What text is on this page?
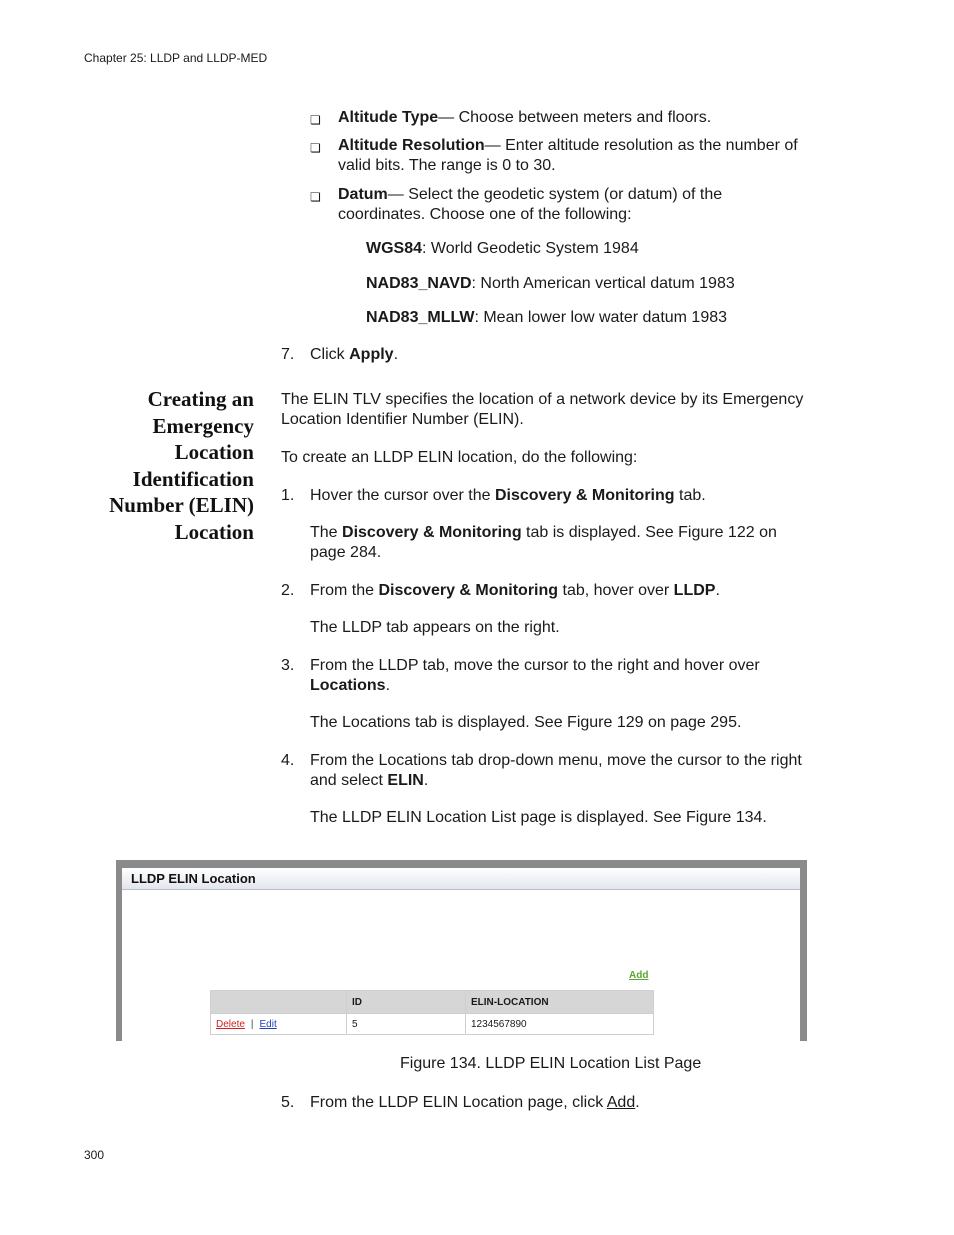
Chapter 25: LLDP and LLDP-MED
❏ Altitude Type— Choose between meters and floors.
❏ Altitude Resolution— Enter altitude resolution as the number of
valid bits. The range is 0 to 30.
❏ Datum— Select the geodetic system (or datum) of the
coordinates. Choose one of the following:
WGS84: World Geodetic System 1984
NAD83_NAVD: North American vertical datum 1983
NAD83_MLLW: Mean lower low water datum 1983
7. Click Apply.
Creating an
Emergency
Location
Identification
Number (ELIN)
Location
The ELIN TLV specifies the location of a network device by its Emergency
Location Identifier Number (ELIN).
To create an LLDP ELIN location, do the following:
1. Hover the cursor over the Discovery & Monitoring tab.
The Discovery & Monitoring tab is displayed. See Figure 122 on
page 284.
2. From the Discovery & Monitoring tab, hover over LLDP.
The LLDP tab appears on the right.
3. From the LLDP tab, move the cursor to the right and hover over
Locations.
The Locations tab is displayed. See Figure 129 on page 295.
4. From the Locations tab drop-down menu, move the cursor to the right
and select ELIN.
The LLDP ELIN Location List page is displayed. See Figure 134.
LLDP ELIN Location
Add
	ID	ELIN-LOCATION
Delete | Edit	5	1234567890
Figure 134. LLDP ELIN Location List Page
5. From the LLDP ELIN Location page, click Add.
300
